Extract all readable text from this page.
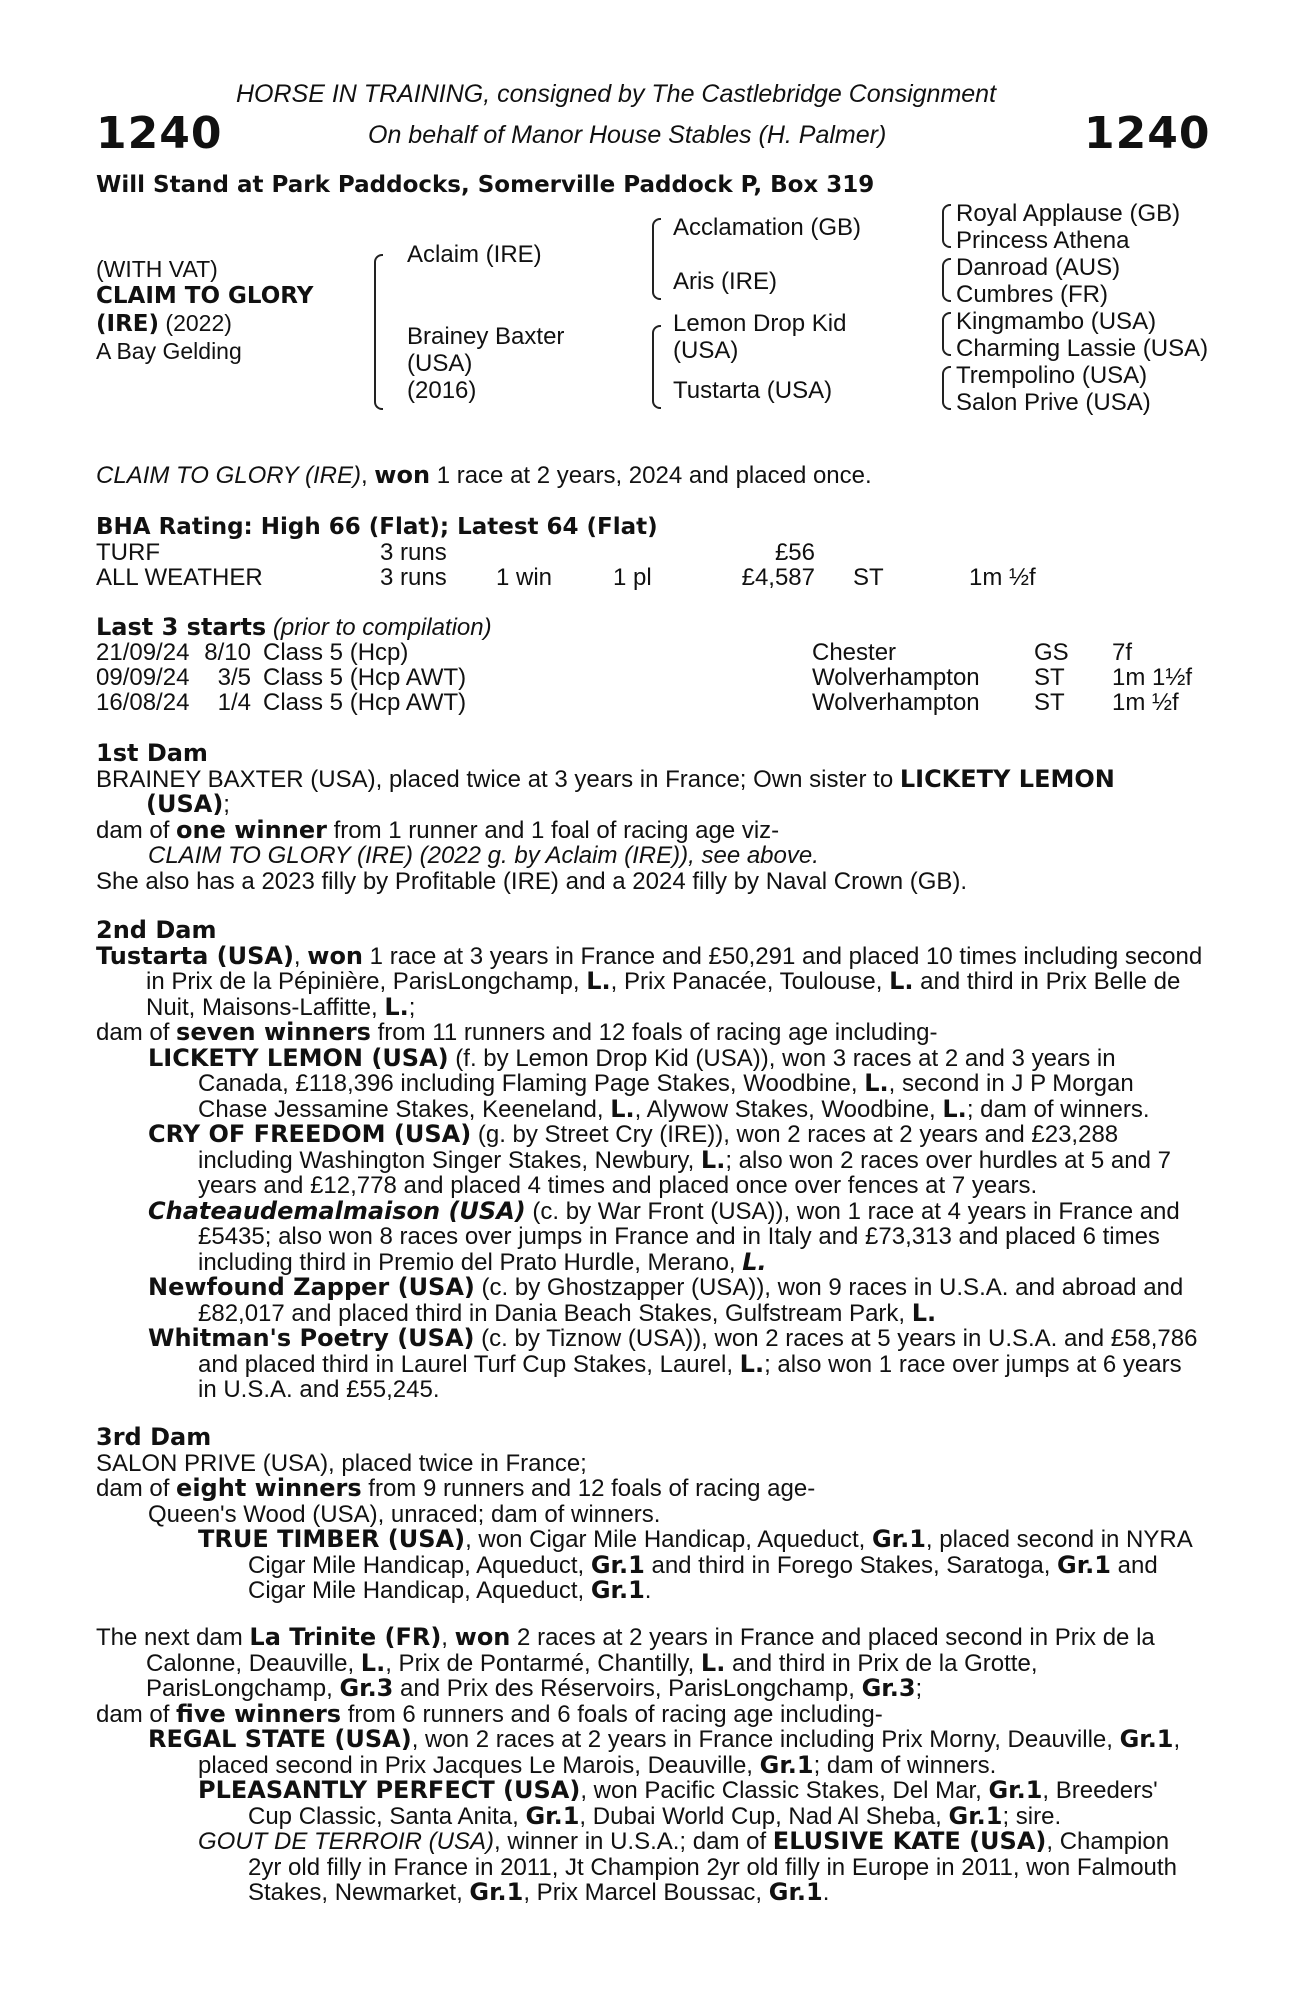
1240	1240
HORSE IN TRAINING, consigned by The Castlebridge Consignment
On behalf of Manor House Stables (H. Palmer)
Will Stand at Park Paddocks, Somerville Paddock P, Box 319
(WITH VAT)
CLAIM TO GLORY
(IRE) (2022)
A Bay Gelding
Aclaim (IRE)
Brainey Baxter
(USA)
(2016)
Acclamation (GB)
Aris (IRE)
Lemon Drop Kid
(USA)
Tustarta (USA)
Royal Applause (GB)
Princess Athena
Danroad (AUS)
Cumbres (FR)
Kingmambo (USA)
Charming Lassie (USA)
Trempolino (USA)
Salon Prive (USA)
CLAIM TO GLORY (IRE), won 1 race at 2 years, 2024 and placed once.
BHA Rating: High 66 (Flat); Latest 64 (Flat)
TURF	3 runs			£56			
ALL WEATHER	3 runs	1 win	1 pl	£4,587		ST	1m ½f
Last 3 starts (prior to compilation)
21/09/24	8/10	Class 5 (Hcp)	Chester	GS	7f
09/09/24	3/5	Class 5 (Hcp AWT)	Wolverhampton	ST	1m 1½f
16/08/24	1/4	Class 5 (Hcp AWT)	Wolverhampton	ST	1m ½f
1st Dam
BRAINEY BAXTER (USA), placed twice at 3 years in France; Own sister to LICKETY LEMON (USA);
dam of one winner from 1 runner and 1 foal of racing age viz-
CLAIM TO GLORY (IRE) (2022 g. by Aclaim (IRE)), see above.
She also has a 2023 filly by Profitable (IRE) and a 2024 filly by Naval Crown (GB).
2nd Dam
Tustarta (USA), won 1 race at 3 years in France and £50,291 and placed 10 times including second in Prix de la Pépinière, ParisLongchamp, L., Prix Panacée, Toulouse, L. and third in Prix Belle de Nuit, Maisons-Laffitte, L.;
dam of seven winners from 11 runners and 12 foals of racing age including-
LICKETY LEMON (USA) (f. by Lemon Drop Kid (USA)), won 3 races at 2 and 3 years in Canada, £118,396 including Flaming Page Stakes, Woodbine, L., second in J P Morgan Chase Jessamine Stakes, Keeneland, L., Alywow Stakes, Woodbine, L.; dam of winners.
CRY OF FREEDOM (USA) (g. by Street Cry (IRE)), won 2 races at 2 years and £23,288 including Washington Singer Stakes, Newbury, L.; also won 2 races over hurdles at 5 and 7 years and £12,778 and placed 4 times and placed once over fences at 7 years.
Chateaudemalmaison (USA) (c. by War Front (USA)), won 1 race at 4 years in France and £5435; also won 8 races over jumps in France and in Italy and £73,313 and placed 6 times including third in Premio del Prato Hurdle, Merano, L.
Newfound Zapper (USA) (c. by Ghostzapper (USA)), won 9 races in U.S.A. and abroad and £82,017 and placed third in Dania Beach Stakes, Gulfstream Park, L.
Whitman's Poetry (USA) (c. by Tiznow (USA)), won 2 races at 5 years in U.S.A. and £58,786 and placed third in Laurel Turf Cup Stakes, Laurel, L.; also won 1 race over jumps at 6 years in U.S.A. and £55,245.
3rd Dam
SALON PRIVE (USA), placed twice in France;
dam of eight winners from 9 runners and 12 foals of racing age-
Queen's Wood (USA), unraced; dam of winners.
TRUE TIMBER (USA), won Cigar Mile Handicap, Aqueduct, Gr.1, placed second in NYRA Cigar Mile Handicap, Aqueduct, Gr.1 and third in Forego Stakes, Saratoga, Gr.1 and Cigar Mile Handicap, Aqueduct, Gr.1.
The next dam La Trinite (FR), won 2 races at 2 years in France and placed second in Prix de la Calonne, Deauville, L., Prix de Pontarmé, Chantilly, L. and third in Prix de la Grotte, ParisLongchamp, Gr.3 and Prix des Réservoirs, ParisLongchamp, Gr.3;
dam of five winners from 6 runners and 6 foals of racing age including-
REGAL STATE (USA), won 2 races at 2 years in France including Prix Morny, Deauville, Gr.1, placed second in Prix Jacques Le Marois, Deauville, Gr.1; dam of winners.
PLEASANTLY PERFECT (USA), won Pacific Classic Stakes, Del Mar, Gr.1, Breeders' Cup Classic, Santa Anita, Gr.1, Dubai World Cup, Nad Al Sheba, Gr.1; sire.
GOUT DE TERROIR (USA), winner in U.S.A.; dam of ELUSIVE KATE (USA), Champion 2yr old filly in France in 2011, Jt Champion 2yr old filly in Europe in 2011, won Falmouth Stakes, Newmarket, Gr.1, Prix Marcel Boussac, Gr.1.
